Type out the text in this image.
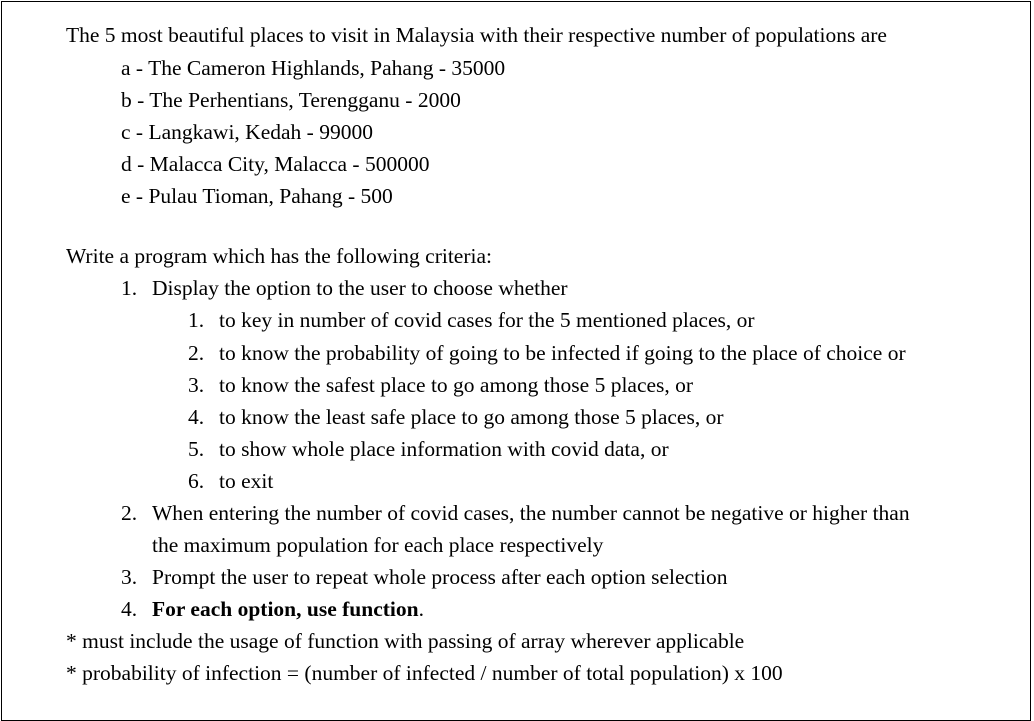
The 5 most beautiful places to visit in Malaysia with their respective number of populations are
a - The Cameron Highlands, Pahang - 35000
b - The Perhentians, Terengganu - 2000
c - Langkawi, Kedah - 99000
d - Malacca City, Malacca - 500000
e - Pulau Tioman, Pahang - 500
Write a program which has the following criteria:
1. Display the option to the user to choose whether
1. to key in number of covid cases for the 5 mentioned places, or
2. to know the probability of going to be infected if going to the place of choice or
3. to know the safest place to go among those 5 places, or
4. to know the least safe place to go among those 5 places, or
5. to show whole place information with covid data, or
6. to exit
2. When entering the number of covid cases, the number cannot be negative or higher than
the maximum population for each place respectively
3. Prompt the user to repeat whole process after each option selection
4. For each option, use function.
* must include the usage of function with passing of array wherever applicable
* probability of infection = (number of infected / number of total population) x 100
